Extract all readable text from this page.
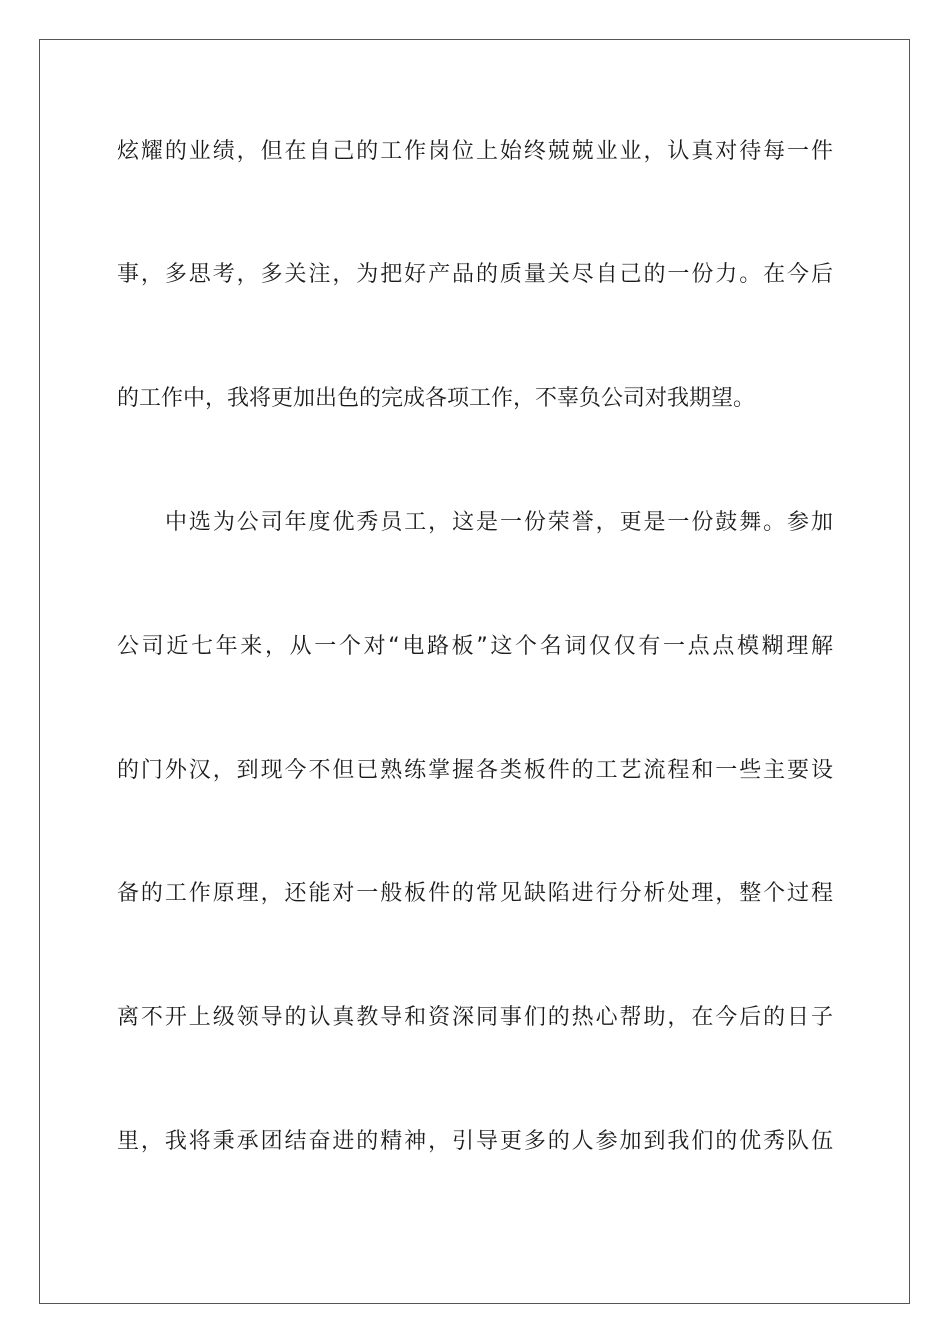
炫耀的业绩，但在自己的工作岗位上始终兢兢业业，认真对待每一件
事，多思考，多关注，为把好产品的质量关尽自己的一份力。在今后
的工作中，我将更加出色的完成各项工作，不辜负公司对我期望。
中选为公司年度优秀员工，这是一份荣誉，更是一份鼓舞。参加
公司近七年来，从一个对“电路板”这个名词仅仅有一点点模糊理解
的门外汉，到现今不但已熟练掌握各类板件的工艺流程和一些主要设
备的工作原理，还能对一般板件的常见缺陷进行分析处理，整个过程
离不开上级领导的认真教导和资深同事们的热心帮助，在今后的日子
里，我将秉承团结奋进的精神，引导更多的人参加到我们的优秀队伍
